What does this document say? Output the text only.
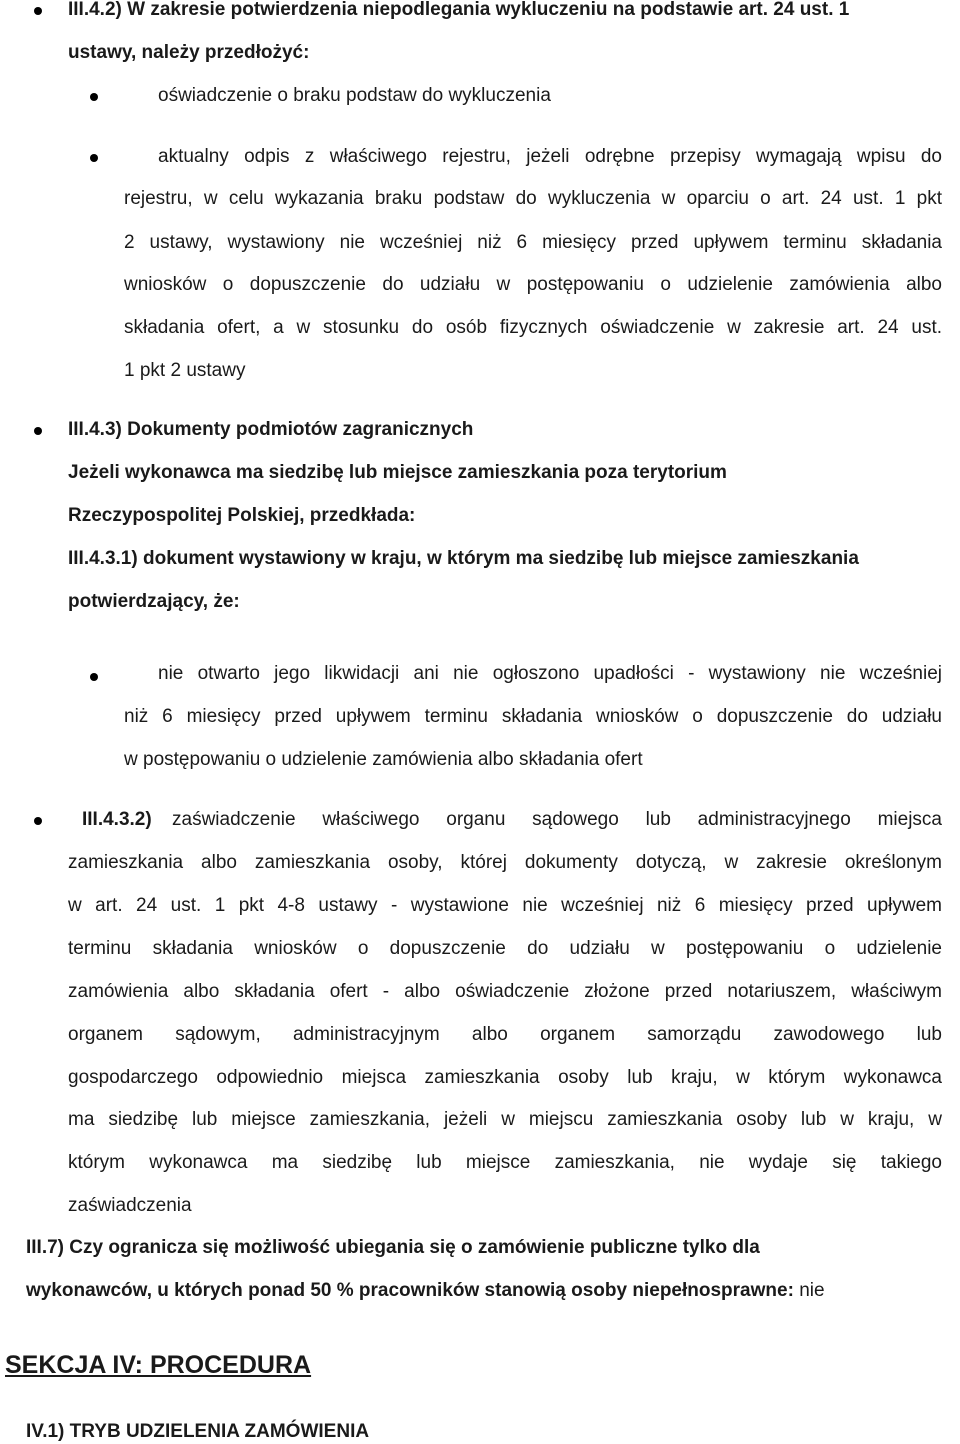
III.4.2) W zakresie potwierdzenia niepodlegania wykluczeniu na podstawie art. 24 ust. 1
ustawy, należy przedłożyć:
oświadczenie o braku podstaw do wykluczenia
aktualny odpis z właściwego rejestru, jeżeli odrębne przepisy wymagają wpisu do
rejestru, w celu wykazania braku podstaw do wykluczenia w oparciu o art. 24 ust. 1 pkt
2 ustawy, wystawiony nie wcześniej niż 6 miesięcy przed upływem terminu składania
wniosków o dopuszczenie do udziału w postępowaniu o udzielenie zamówienia albo
składania ofert, a w stosunku do osób fizycznych oświadczenie w zakresie art. 24 ust.
1 pkt 2 ustawy
III.4.3) Dokumenty podmiotów zagranicznych
Jeżeli wykonawca ma siedzibę lub miejsce zamieszkania poza terytorium
Rzeczypospolitej Polskiej, przedkłada:
III.4.3.1) dokument wystawiony w kraju, w którym ma siedzibę lub miejsce zamieszkania
potwierdzający, że:
nie otwarto jego likwidacji ani nie ogłoszono upadłości - wystawiony nie wcześniej
niż 6 miesięcy przed upływem terminu składania wniosków o dopuszczenie do udziału
w postępowaniu o udzielenie zamówienia albo składania ofert
III.4.3.2) zaświadczenie właściwego organu sądowego lub administracyjnego miejsca
zamieszkania albo zamieszkania osoby, której dokumenty dotyczą, w zakresie określonym
w art. 24 ust. 1 pkt 4-8 ustawy - wystawione nie wcześniej niż 6 miesięcy przed upływem
terminu składania wniosków o dopuszczenie do udziału w postępowaniu o udzielenie
zamówienia albo składania ofert - albo oświadczenie złożone przed notariuszem, właściwym
organem sądowym, administracyjnym albo organem samorządu zawodowego lub
gospodarczego odpowiednio miejsca zamieszkania osoby lub kraju, w którym wykonawca
ma siedzibę lub miejsce zamieszkania, jeżeli w miejscu zamieszkania osoby lub w kraju, w
którym wykonawca ma siedzibę lub miejsce zamieszkania, nie wydaje się takiego
zaświadczenia
III.7) Czy ogranicza się możliwość ubiegania się o zamówienie publiczne tylko dla
wykonawców, u których ponad 50 % pracowników stanowią osoby niepełnosprawne: nie
SEKCJA IV: PROCEDURA
IV.1) TRYB UDZIELENIA ZAMÓWIENIA
